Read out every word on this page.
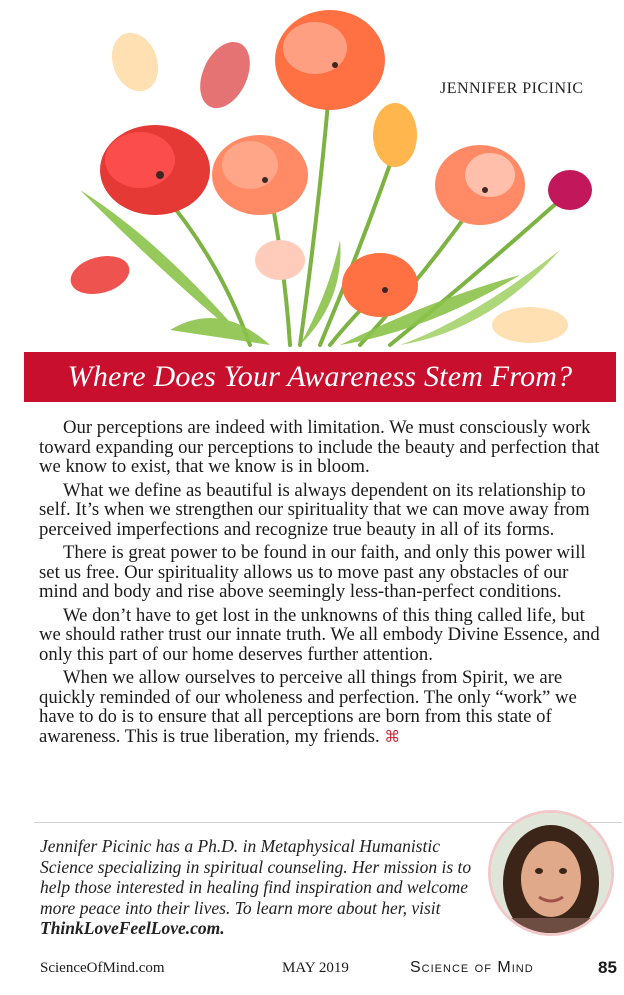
JENNIFER PICINIC
Where Does Your Awareness Stem From?

Our perceptions are indeed with limitation. We must consciously work toward expanding our perceptions to include the beauty and perfection that we know to exist, that we know is in bloom.

What we define as beautiful is always dependent on its relationship to self. It’s when we strengthen our spirituality that we can move away from perceived imperfections and recognize true beauty in all of its forms.

There is great power to be found in our faith, and only this power will set us free. Our spirituality allows us to move past any obstacles of our mind and body and rise above seemingly less-than-perfect conditions.

We don’t have to get lost in the unknowns of this thing called life, but we should rather trust our innate truth. We all embody Divine Essence, and only this part of our home deserves further attention.

When we allow ourselves to perceive all things from Spirit, we are quickly reminded of our wholeness and perfection. The only “work” we have to do is to ensure that all perceptions are born from this state of awareness. This is true liberation, my friends. ⌘

Jennifer Picinic has a Ph.D. in Metaphysical Humanistic Science specializing in spiritual counseling. Her mission is to help those interested in healing find inspiration and welcome more peace into their lives. To learn more about her, visit ThinkLoveFeelLove.com.
ScienceOfMind.com	MAY 2019	Science of Mind	85
